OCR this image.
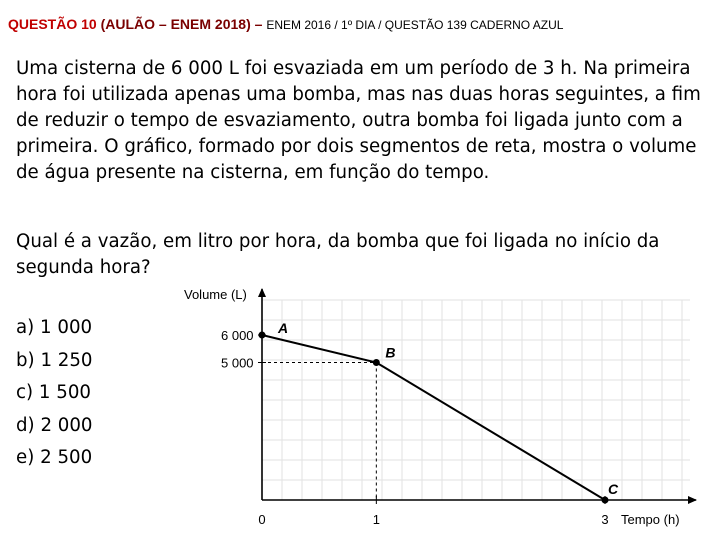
QUESTÃO 10 (AULÃO – ENEM 2018) – ENEM 2016 / 1º DIA / QUESTÃO 139 CADERNO AZUL

Uma cisterna de 6 000 L foi esvaziada em um período de 3 h. Na primeira hora foi utilizada apenas uma bomba, mas nas duas horas seguintes, a fim de reduzir o tempo de esvaziamento, outra bomba foi ligada junto com a primeira. O gráfico, formado por dois segmentos de reta, mostra o volume de água presente na cisterna, em função do tempo.

Qual é a vazão, em litro por hora, da bomba que foi ligada no início da segunda hora?

a) 1 000
b) 1 250
c) 1 500
d) 2 000
e) 2 500
A
B
C
Volume (L)
Tempo (h)
6 000
5 000
0	1	3
